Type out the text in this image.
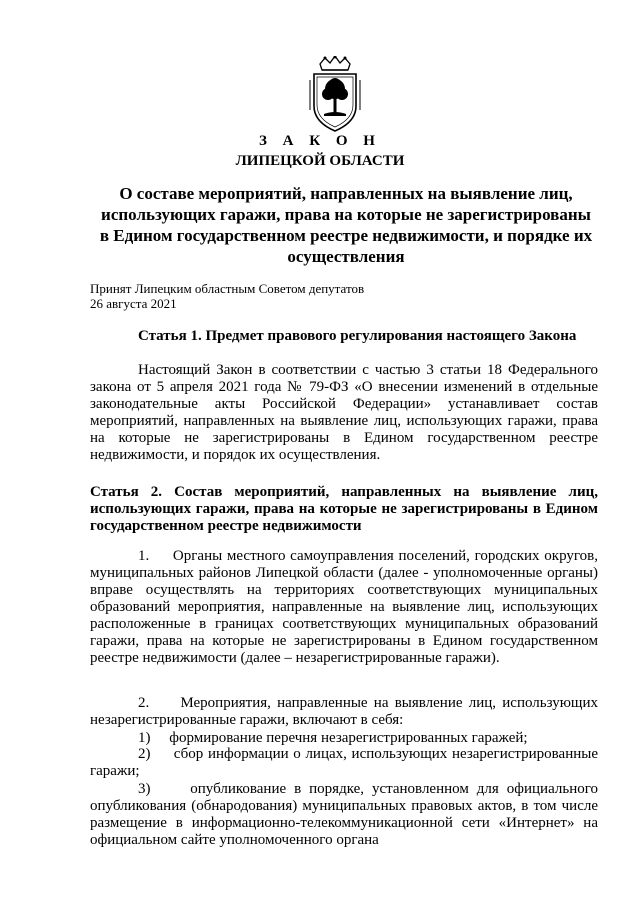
З А К О Н
ЛИПЕЦКОЙ ОБЛАСТИ
О составе мероприятий, направленных на выявление лиц, использующих гаражи, права на которые не зарегистрированы в Едином государственном реестре недвижимости, и порядке их осуществления
Принят Липецким областным Советом депутатов
26 августа 2021
Статья 1. Предмет правового регулирования настоящего Закона

Настоящий Закон в соответствии с частью 3 статьи 18 Федерального закона от 5 апреля 2021 года № 79-ФЗ «О внесении изменений в отдельные законодательные акты Российской Федерации» устанавливает состав мероприятий, направленных на выявление лиц, использующих гаражи, права на которые не зарегистрированы в Едином государственном реестре недвижимости, и порядок их осуществления.

Статья 2. Состав мероприятий, направленных на выявление лиц, использующих гаражи, права на которые не зарегистрированы в Едином государственном реестре недвижимости

1.     Органы местного самоуправления поселений, городских округов, муниципальных районов Липецкой области (далее - уполномоченные органы) вправе осуществлять на территориях соответствующих муниципальных образований мероприятия, направленные на выявление лиц, использующих расположенные в границах соответствующих муниципальных образований гаражи, права на которые не зарегистрированы в Едином государственном реестре недвижимости (далее – незарегистрированные гаражи).

2.     Мероприятия, направленные на выявление лиц, использующих незарегистрированные гаражи, включают в себя:

1)     формирование перечня незарегистрированных гаражей;

2)     сбор информации о лицах, использующих незарегистрированные гаражи;

3)     опубликование в порядке, установленном для официального опубликования (обнародования) муниципальных правовых актов, в том числе размещение в информационно-телекоммуникационной сети «Интернет» на официальном сайте уполномоченного органа
